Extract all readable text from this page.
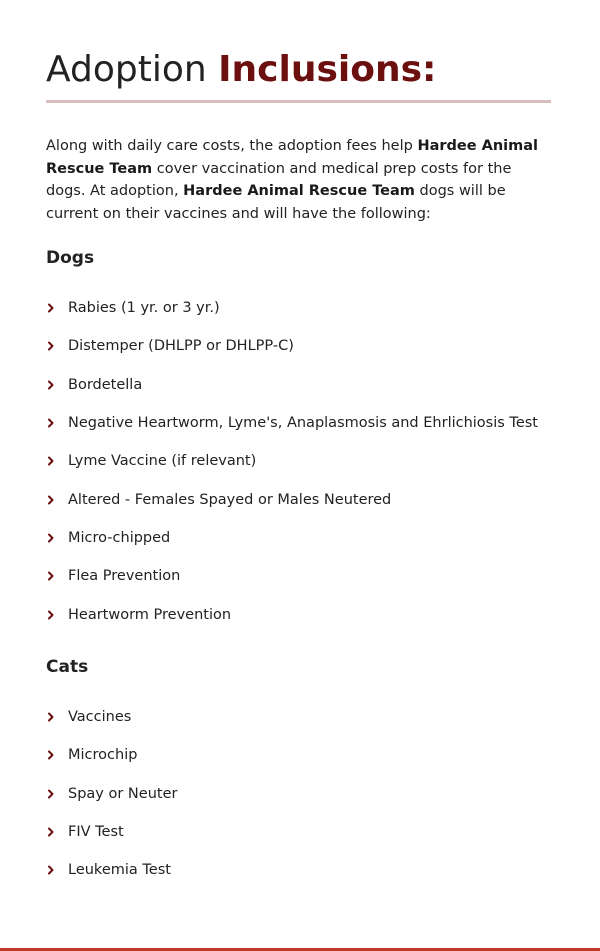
Adoption Inclusions:

Along with daily care costs, the adoption fees help Hardee Animal Rescue Team cover vaccination and medical prep costs for the dogs. At adoption, Hardee Animal Rescue Team dogs will be current on their vaccines and will have the following:

Dogs
Rabies (1 yr. or 3 yr.)
Distemper (DHLPP or DHLPP-C)
Bordetella
Negative Heartworm, Lyme's, Anaplasmosis and Ehrlichiosis Test
Lyme Vaccine (if relevant)
Altered - Females Spayed or Males Neutered
Micro-chipped
Flea Prevention
Heartworm Prevention
Cats
Vaccines
Microchip
Spay or Neuter
FIV Test
Leukemia Test
